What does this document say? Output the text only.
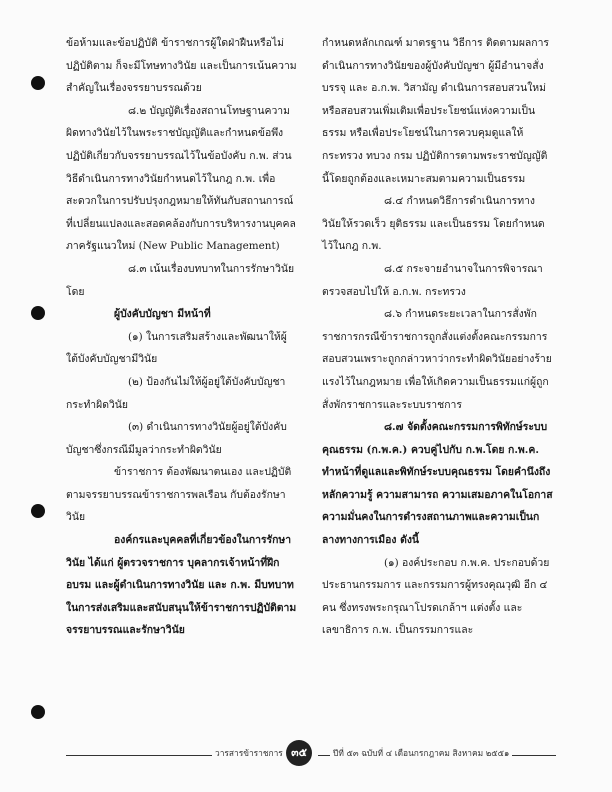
ข้อห้ามและข้อปฏิบัติ ข้าราชการผู้ใดฝ่าฝืนหรือไม่ปฏิบัติตาม ก็จะมีโทษทางวินัย และเป็นการเน้นความสำคัญในเรื่องจรรยาบรรณด้วย

๘.๒ บัญญัติเรื่องสถานโทษฐานความผิดทางวินัยไว้ในพระราชบัญญัติและกำหนดข้อพึงปฏิบัติเกี่ยวกับจรรยาบรรณไว้ในข้อบังคับ ก.พ. ส่วนวิธีดำเนินการทางวินัยกำหนดไว้ในกฎ ก.พ. เพื่อสะดวกในการปรับปรุงกฎหมายให้ทันกับสถานการณ์ที่เปลี่ยนแปลงและสอดคล้องกับการบริหารงานบุคคลภาครัฐแนวใหม่ (New Public Management)

๘.๓ เน้นเรื่องบทบาทในการรักษาวินัยโดย

ผู้บังคับบัญชา มีหน้าที่

(๑) ในการเสริมสร้างและพัฒนาให้ผู้ใต้บังคับบัญชามีวินัย

(๒) ป้องกันไม่ให้ผู้อยู่ใต้บังคับบัญชากระทำผิดวินัย

(๓) ดำเนินการทางวินัยผู้อยู่ใต้บังคับบัญชาซึ่งกรณีมีมูลว่ากระทำผิดวินัย

ข้าราชการ ต้องพัฒนาตนเอง และปฏิบัติตามจรรยาบรรณข้าราชการพลเรือน กับต้องรักษาวินัย

องค์กรและบุคคลที่เกี่ยวข้องในการรักษาวินัย ได้แก่ ผู้ตรวจราชการ บุคลากรเจ้าหน้าที่ฝึกอบรม และผู้ดำเนินการทางวินัย และ ก.พ. มีบทบาทในการส่งเสริมและสนับสนุนให้ข้าราชการปฏิบัติตามจรรยาบรรณและรักษาวินัย

กำหนดหลักเกณฑ์ มาตรฐาน วิธีการ ติดตามผลการดำเนินการทางวินัยของผู้บังคับบัญชา ผู้มีอำนาจสั่งบรรจุ และ อ.ก.พ. วิสามัญ ดำเนินการสอบสวนใหม่หรือสอบสวนเพิ่มเติมเพื่อประโยชน์แห่งความเป็นธรรม หรือเพื่อประโยชน์ในการควบคุมดูแลให้กระทรวง ทบวง กรม ปฏิบัติการตามพระราชบัญญัตินี้โดยถูกต้องและเหมาะสมตามความเป็นธรรม

๘.๔ กำหนดวิธีการดำเนินการทางวินัยให้รวดเร็ว ยุติธรรม และเป็นธรรม โดยกำหนดไว้ในกฎ ก.พ.

๘.๕ กระจายอำนาจในการพิจารณาตรวจสอบไปให้ อ.ก.พ. กระทรวง

๘.๖ กำหนดระยะเวลาในการสั่งพักราชการกรณีข้าราชการถูกสั่งแต่งตั้งคณะกรรมการสอบสวนเพราะถูกกล่าวหาว่ากระทำผิดวินัยอย่างร้ายแรงไว้ในกฎหมาย เพื่อให้เกิดความเป็นธรรมแก่ผู้ถูกสั่งพักราชการและระบบราชการ

๘.๗ จัดตั้งคณะกรรมการพิทักษ์ระบบคุณธรรม (ก.พ.ค.) ควบคู่ไปกับ ก.พ.โดย ก.พ.ค. ทำหน้าที่ดูแลและพิทักษ์ระบบคุณธรรม โดยคำนึงถึงหลักความรู้ ความสามารถ ความเสมอภาคในโอกาส ความมั่นคงในการดำรงสถานภาพและความเป็นกลางทางการเมือง ดังนี้

(๑) องค์ประกอบ ก.พ.ค. ประกอบด้วย ประธานกรรมการ และกรรมการผู้ทรงคุณวุฒิ อีก ๔ คน ซึ่งทรงพระกรุณาโปรดเกล้าฯ แต่งตั้ง และเลขาธิการ ก.พ. เป็นกรรมการและ

วารสารข้าราชการ ๓๕	ปีที่ ๕๓ ฉบับที่ ๔ เดือนกรกฎาคม สิงหาคม ๒๕๕๑
